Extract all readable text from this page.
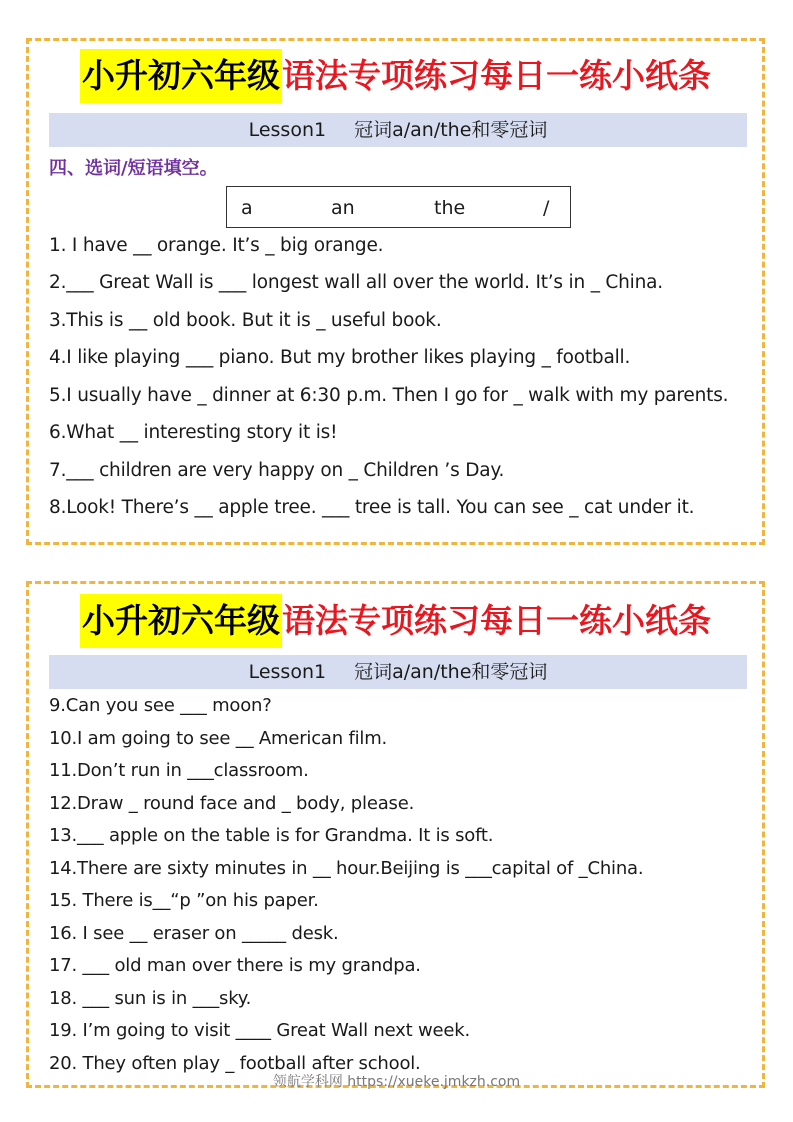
小升初六年级语法专项练习每日一练小纸条
Lesson1 冠词a/an/the和零冠词
四、选词/短语填空。
a	an	the	/
1. I have __ orange. It’s _ big orange.
2.___ Great Wall is ___ longest wall all over the world. It’s in _ China.
3.This is __ old book. But it is _ useful book.
4.I like playing ___ piano. But my brother likes playing _ football.
5.I usually have _ dinner at 6:30 p.m. Then I go for _ walk with my parents.
6.What __ interesting story it is!
7.___ children are very happy on _ Children ’s Day.
8.Look! There’s __ apple tree. ___ tree is tall. You can see _ cat under it.
小升初六年级语法专项练习每日一练小纸条
Lesson1 冠词a/an/the和零冠词
9.Can you see ___ moon?
10.I am going to see __ American film.
11.Don’t run in ___classroom.
12.Draw _ round face and _ body, please.
13.___ apple on the table is for Grandma. It is soft.
14.There are sixty minutes in __ hour.Beijing is ___capital of _China.
15. There is__“p ”on his paper.
16. I see __ eraser on _____ desk.
17. ___ old man over there is my grandpa.
18. ___ sun is in ___sky.
19. I’m going to visit ____ Great Wall next week.
20. They often play _ football after school.
领航学科网 https://xueke.jmkzh.com
